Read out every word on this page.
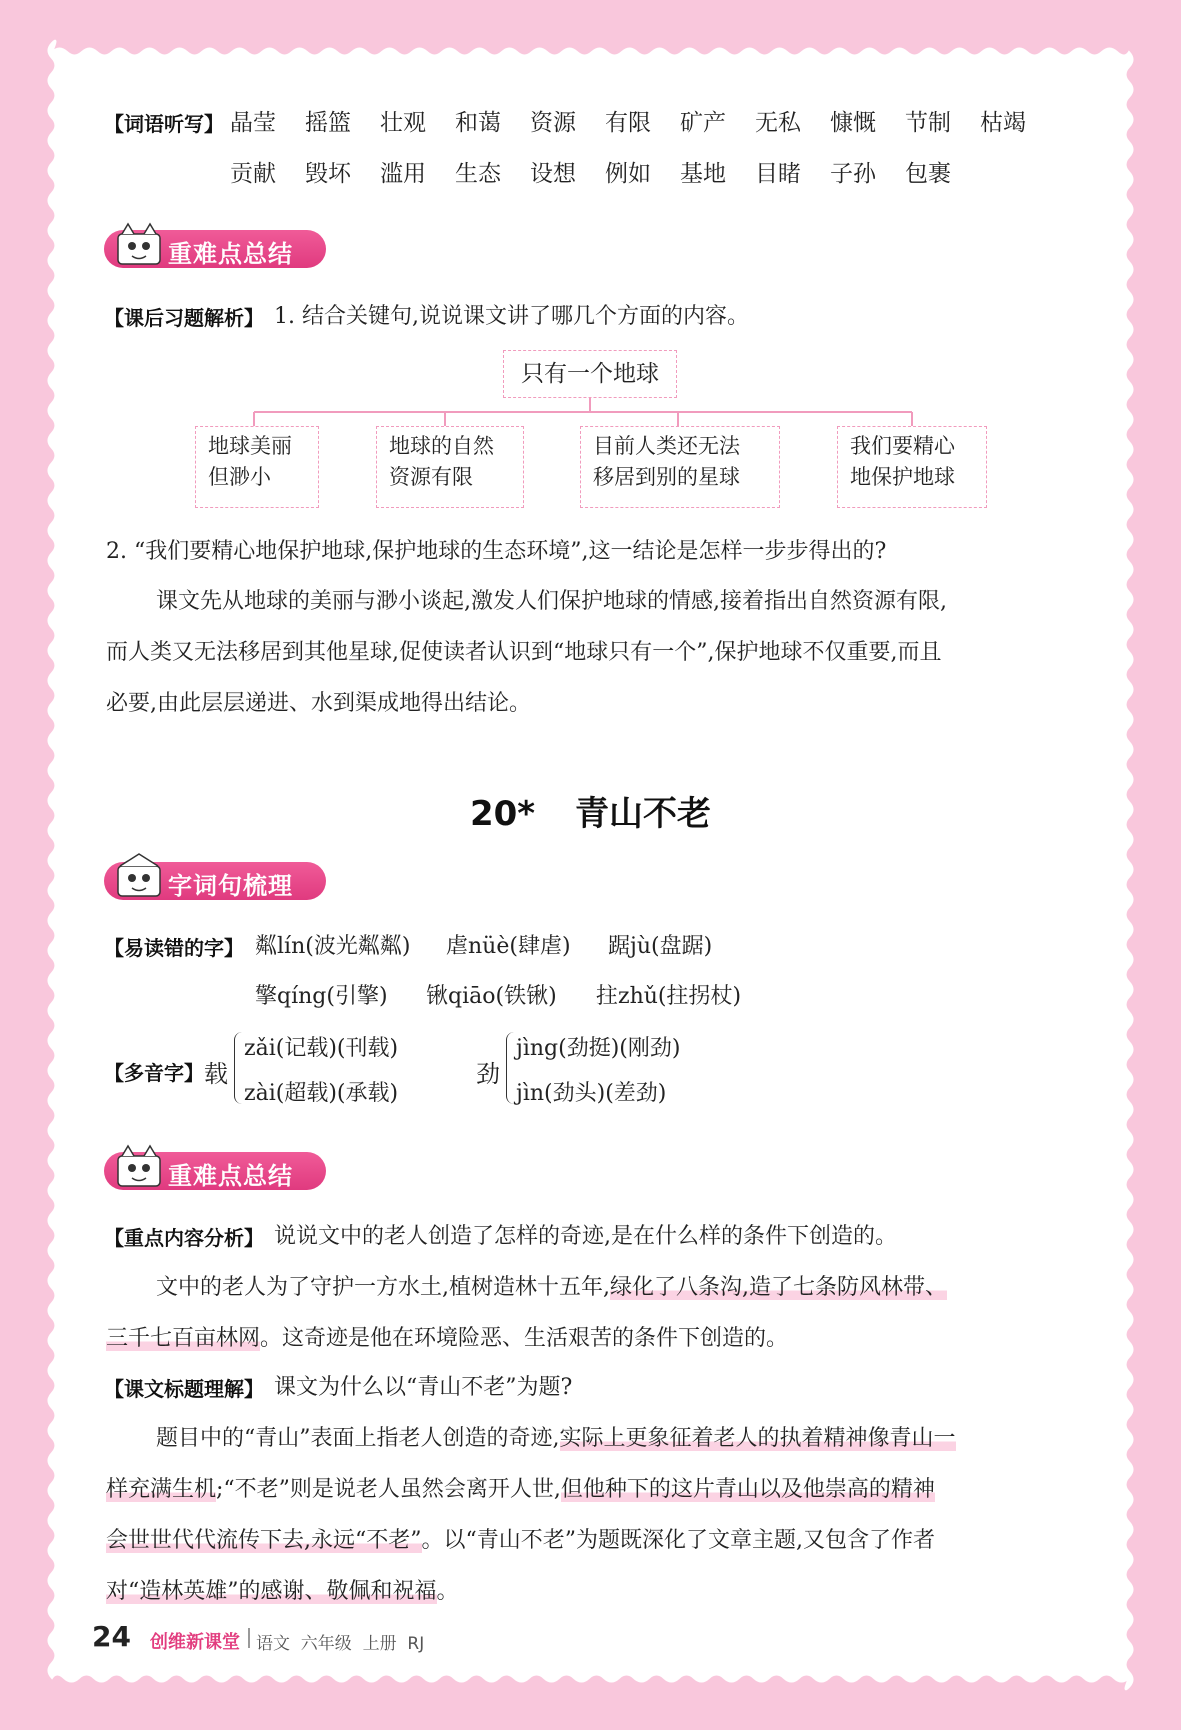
【词语听写】 晶莹 摇篮 壮观 和蔼 资源 有限 矿产 无私 慷慨 节制 枯竭
贡献 毁坏 滥用 生态 设想 例如 基地 目睹 子孙 包裹
重难点总结
【课后习题解析】 1. 结合关键句,说说课文讲了哪几个方面的内容。
只有一个地球
地球美丽
但渺小
地球的自然
资源有限
目前人类还无法
移居到别的星球
我们要精心
地保护地球
2. “我们要精心地保护地球,保护地球的生态环境”,这一结论是怎样一步步得出的?
课文先从地球的美丽与渺小谈起,激发人们保护地球的情感,接着指出自然资源有限,
而人类又无法移居到其他星球,促使读者认识到“地球只有一个”,保护地球不仅重要,而且
必要,由此层层递进、水到渠成地得出结论。
20* 青山不老
字词句梳理
【易读错的字】 粼lín(波光粼粼) 虐nüè(肆虐) 踞jù(盘踞)
擎qíng(引擎) 锹qiāo(铁锹) 拄zhǔ(拄拐杖)
【多音字】 载
zǎi(记载)(刊载)
zài(超载)(承载)
劲
jìng(劲挺)(刚劲)
jìn(劲头)(差劲)
重难点总结
【重点内容分析】 说说文中的老人创造了怎样的奇迹,是在什么样的条件下创造的。
文中的老人为了守护一方水土,植树造林十五年,绿化了八条沟,造了七条防风林带、
三千七百亩林网。这奇迹是他在环境险恶、生活艰苦的条件下创造的。
【课文标题理解】 课文为什么以“青山不老”为题?
题目中的“青山”表面上指老人创造的奇迹,实际上更象征着老人的执着精神像青山一
样充满生机;“不老”则是说老人虽然会离开人世,但他种下的这片青山以及他崇高的精神
会世世代代流传下去,永远“不老”。以“青山不老”为题既深化了文章主题,又包含了作者
对“造林英雄”的感谢、敬佩和祝福。
24 创维新课堂 语文  六年级  上册  RJ
